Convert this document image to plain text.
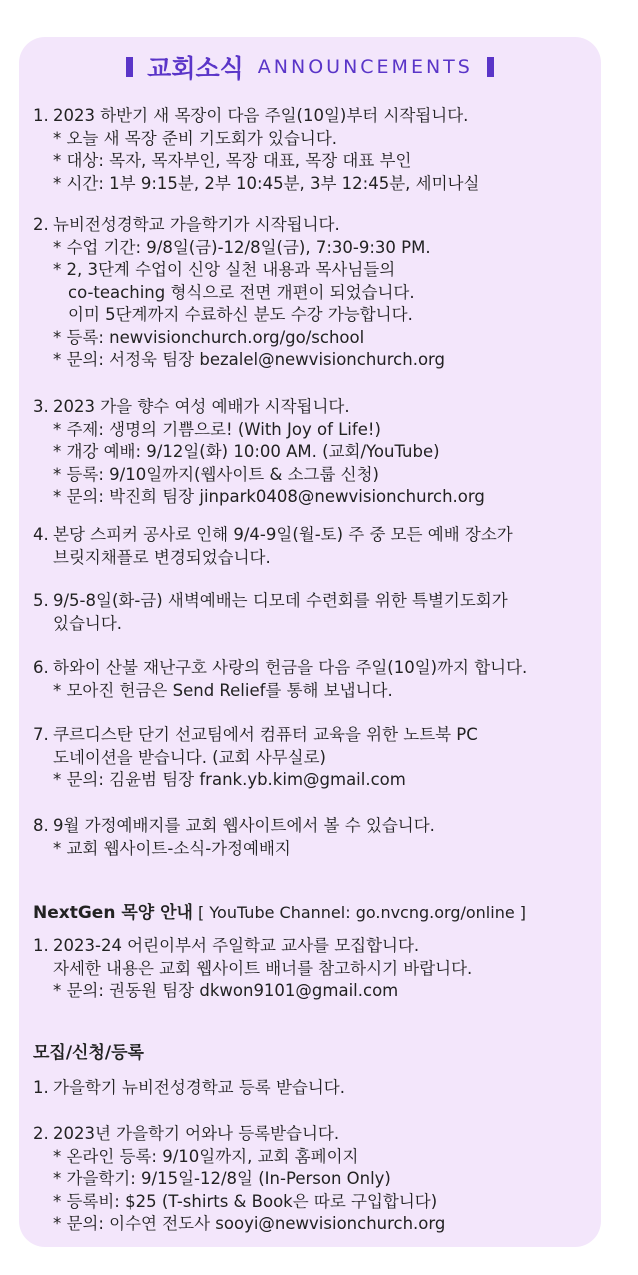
교회소식 ANNOUNCEMENTS
1. 2023 하반기 새 목장이 다음 주일(10일)부터 시작됩니다.
* 오늘 새 목장 준비 기도회가 있습니다.
* 대상: 목자, 목자부인, 목장 대표, 목장 대표 부인
* 시간: 1부 9:15분, 2부 10:45분, 3부 12:45분, 세미나실
2. 뉴비전성경학교 가을학기가 시작됩니다.
* 수업 기간: 9/8일(금)-12/8일(금), 7:30-9:30 PM.
* 2, 3단계 수업이 신앙 실천 내용과 목사님들의
co-teaching 형식으로 전면 개편이 되었습니다.
이미 5단계까지 수료하신 분도 수강 가능합니다.
* 등록: newvisionchurch.org/go/school
* 문의: 서정욱 팀장 bezalel@newvisionchurch.org
3. 2023 가을 향수 여성 예배가 시작됩니다.
* 주제: 생명의 기쁨으로! (With Joy of Life!)
* 개강 예배: 9/12일(화) 10:00 AM. (교회/YouTube)
* 등록: 9/10일까지(웹사이트 & 소그룹 신청)
* 문의: 박진희 팀장 jinpark0408@newvisionchurch.org
4. 본당 스피커 공사로 인해 9/4-9일(월-토) 주 중 모든 예배 장소가
브릿지채플로 변경되었습니다.
5. 9/5-8일(화-금) 새벽예배는 디모데 수련회를 위한 특별기도회가
있습니다.
6. 하와이 산불 재난구호 사랑의 헌금을 다음 주일(10일)까지 합니다.
* 모아진 헌금은 Send Relief를 통해 보냅니다.
7. 쿠르디스탄 단기 선교팀에서 컴퓨터 교육을 위한 노트북 PC
도네이션을 받습니다. (교회 사무실로)
* 문의: 김윤범 팀장 frank.yb.kim@gmail.com
8. 9월 가정예배지를 교회 웹사이트에서 볼 수 있습니다.
* 교회 웹사이트-소식-가정예배지
NextGen 목양 안내 [ YouTube Channel: go.nvcng.org/online ]
1. 2023-24 어린이부서 주일학교 교사를 모집합니다.
자세한 내용은 교회 웹사이트 배너를 참고하시기 바랍니다.
* 문의: 권동원 팀장 dkwon9101@gmail.com
모집/신청/등록
1. 가을학기 뉴비전성경학교 등록 받습니다.
2. 2023년 가을학기 어와나 등록받습니다.
* 온라인 등록: 9/10일까지, 교회 홈페이지
* 가을학기: 9/15일-12/8일 (In-Person Only)
* 등록비: $25 (T-shirts & Book은 따로 구입합니다)
* 문의: 이수연 전도사 sooyi@newvisionchurch.org
